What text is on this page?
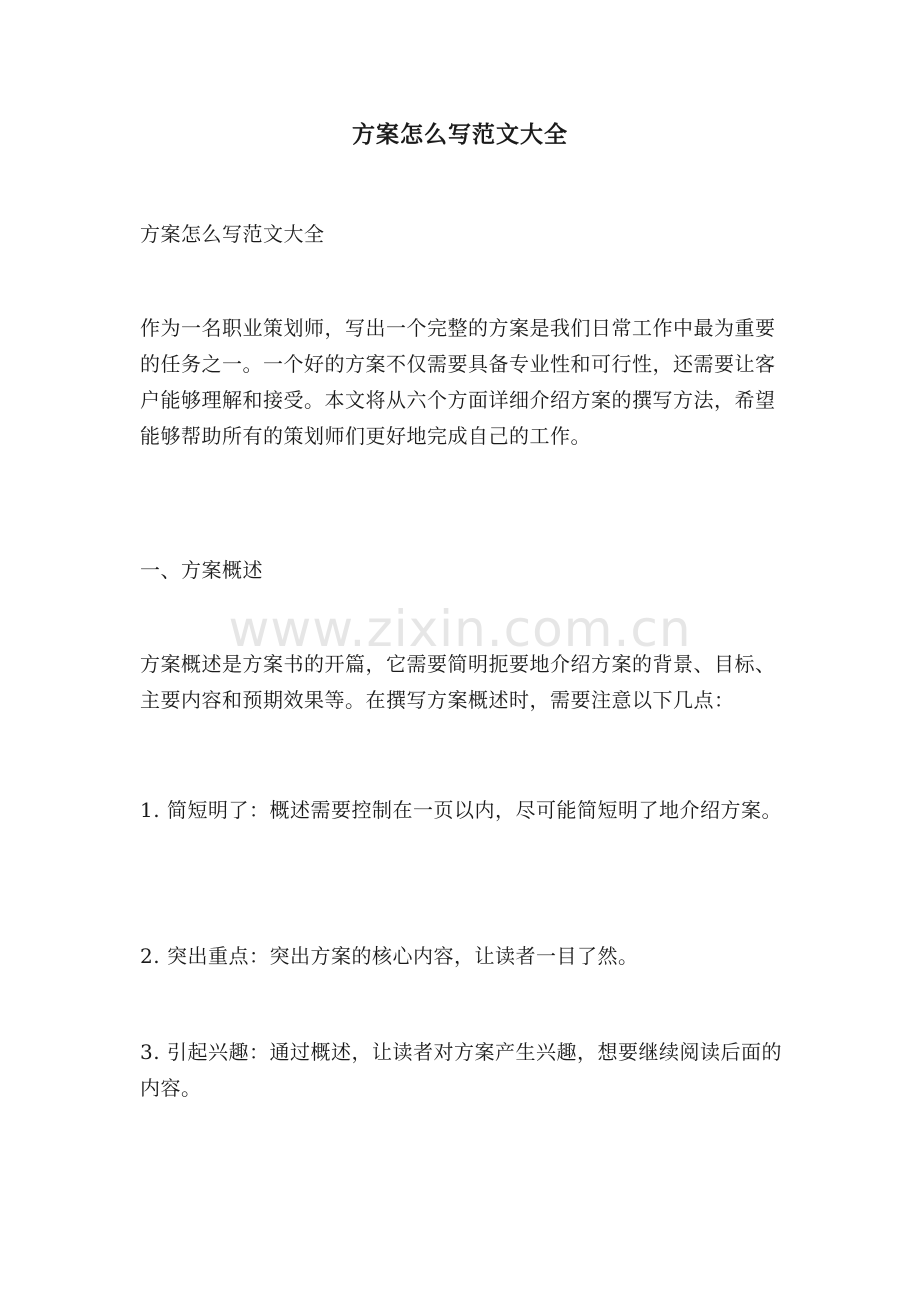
www.zixin.com.cn
方案怎么写范文大全

方案怎么写范文大全

作为一名职业策划师，写出一个完整的方案是我们日常工作中最为重要的任务之一。一个好的方案不仅需要具备专业性和可行性，还需要让客户能够理解和接受。本文将从六个方面详细介绍方案的撰写方法，希望能够帮助所有的策划师们更好地完成自己的工作。

一、方案概述

方案概述是方案书的开篇，它需要简明扼要地介绍方案的背景、目标、主要内容和预期效果等。在撰写方案概述时，需要注意以下几点：

1. 简短明了：概述需要控制在一页以内，尽可能简短明了地介绍方案。

2. 突出重点：突出方案的核心内容，让读者一目了然。

3. 引起兴趣：通过概述，让读者对方案产生兴趣，想要继续阅读后面的内容。
